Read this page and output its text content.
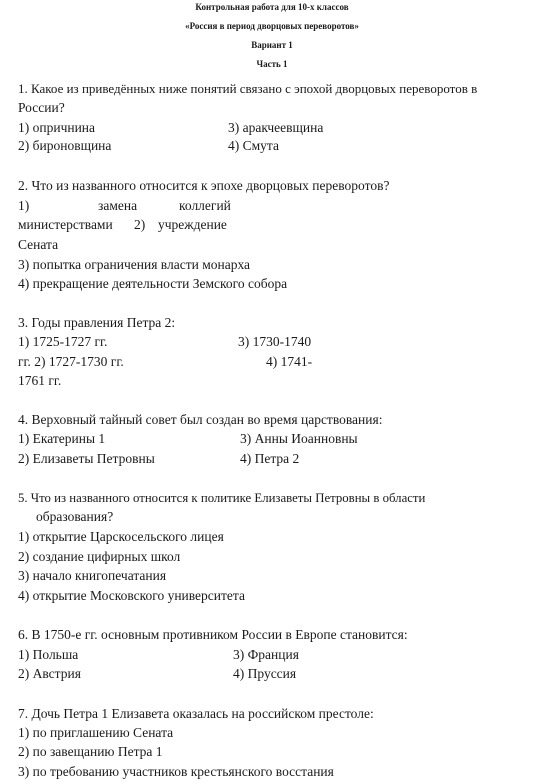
Контрольная работа для 10-х классов
«Россия в период дворцовых переворотов»
Вариант 1
Часть 1
1. Какое из приведённых ниже понятий связано с эпохой дворцовых переворотов в
России?
1) опричнина	3) аракчеевщина
2) бироновщина	4) Смута
2. Что из названного относится к эпохе дворцовых переворотов?
1)	замена	коллегий
министерствами 2) учреждение
Сената
3) попытка ограничения власти монарха
4) прекращение деятельности Земского собора
3. Годы правления Петра 2:
1) 1725-1727 гг.	3) 1730-1740
гг. 2) 1727-1730 гг.	4) 1741-
1761 гг.
4. Верховный тайный совет был создан во время царствования:
1) Екатерины 1	3) Анны Иоанновны
2) Елизаветы Петровны	4) Петра 2
5. Что из названного относится к политике Елизаветы Петровны в области
образования?
1) открытие Царскосельского лицея
2) создание цифирных школ
3) начало книгопечатания
4) открытие Московского университета
6. В 1750-е гг. основным противником России в Европе становится:
1) Польша	3) Франция
2) Австрия	4) Пруссия
7. Дочь Петра 1 Елизавета оказалась на российском престоле:
1) по приглашению Сената
2) по завещанию Петра 1
3) по требованию участников крестьянского восстания
